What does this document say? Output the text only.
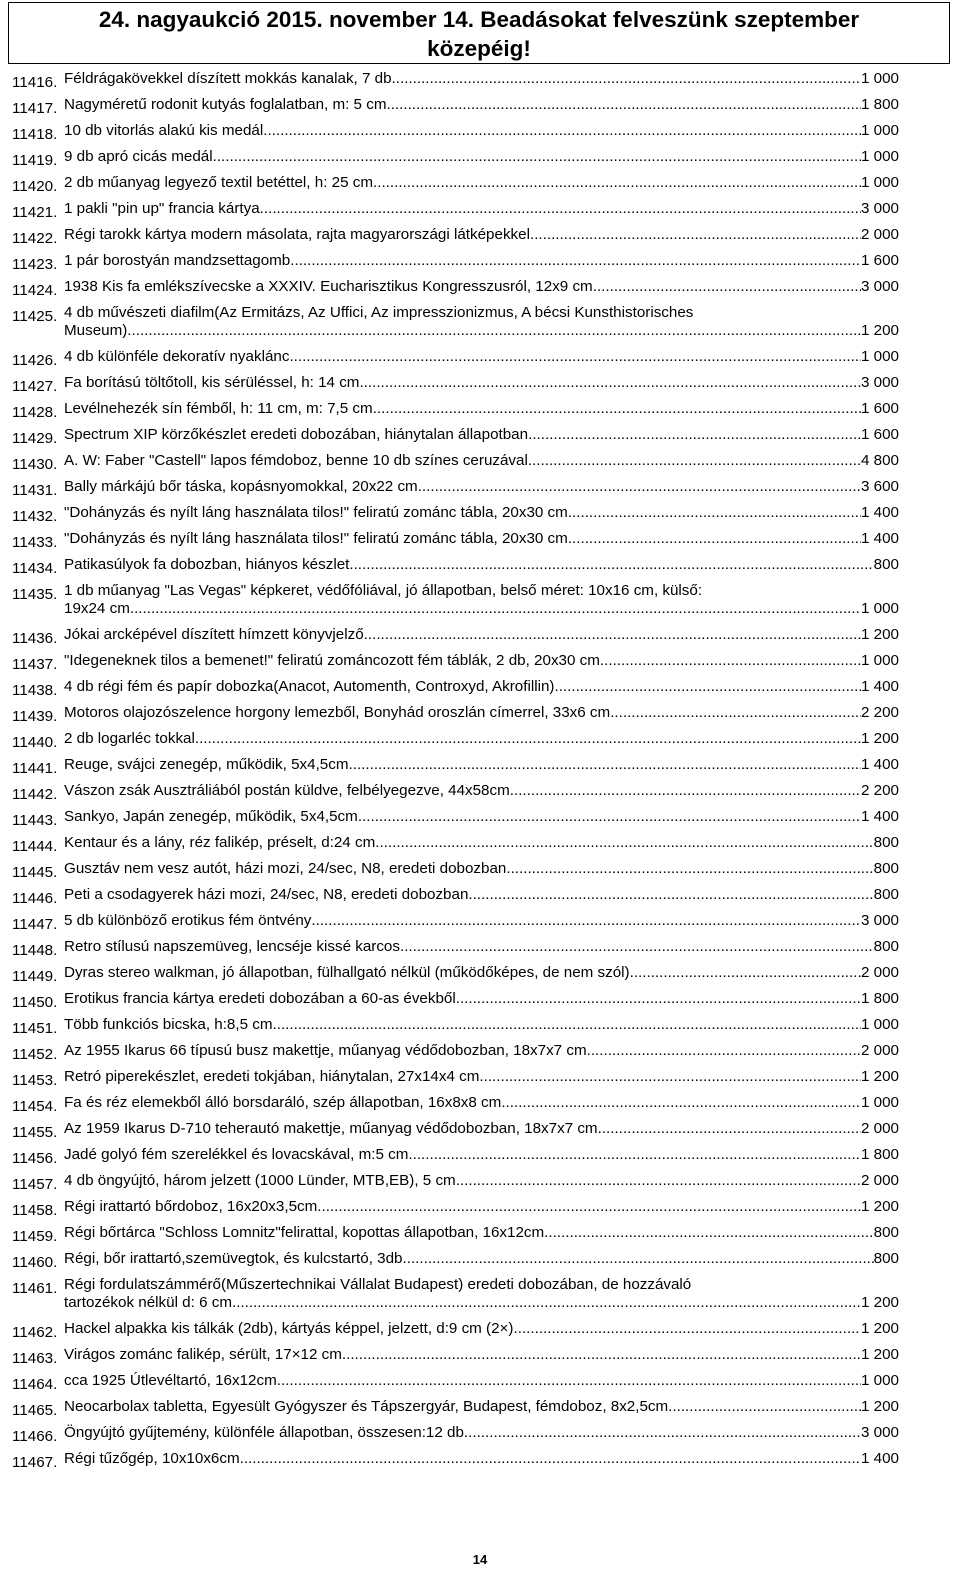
24. nagyaukció 2015. november 14. Beadásokat felveszünk szeptember
közepéig!
11416. Féldrágakövekkel díszített mokkás kanalak, 7 db. .....	1 000
11417. Nagyméretű rodonit kutyás foglalatban, m: 5 cm .....	1 800
11418. 10 db vitorlás alakú kis medál .....	1 000
11419. 9 db apró cicás medál .....	1 000
11420. 2 db műanyag legyező textil betéttel, h: 25 cm .....	1 000
11421. 1 pakli "pin up" francia kártya .....	3 000
11422. Régi tarokk kártya modern másolata, rajta magyarországi látképekkel .....	2 000
11423. 1 pár borostyán mandzsettagomb .....	1 600
11424. 1938 Kis fa emlékszívecske a XXXIV. Eucharisztikus Kongresszusról, 12x9 cm .....	3 000
11425. 4 db művészeti diafilm(Az Ermitázs, Az Uffici, Az impresszionizmus, A bécsi Kunsthistorisches
Museum) .....	1 200
11426. 4 db különféle dekoratív nyaklánc .....	1 000
11427. Fa borítású töltőtoll, kis sérüléssel, h: 14 cm .....	3 000
11428. Levélnehezék sín fémből, h: 11 cm, m: 7,5 cm .....	1 600
11429. Spectrum XIP körzőkészlet eredeti dobozában, hiánytalan állapotban .....	1 600
11430. A. W: Faber "Castell" lapos fémdoboz, benne 10 db színes ceruzával .....	4 800
11431. Bally márkájú bőr táska, kopásnyomokkal, 20x22 cm .....	3 600
11432. "Dohányzás és nyílt láng használata tilos!" feliratú zománc tábla, 20x30 cm .....	1 400
11433. "Dohányzás és nyílt láng használata tilos!" feliratú zománc tábla, 20x30 cm .....	1 400
11434. Patikasúlyok fa dobozban, hiányos készlet .....	800
11435. 1 db műanyag "Las Vegas" képkeret, védőfóliával, jó állapotban, belső méret: 10x16 cm, külső:
19x24 cm .....	1 000
11436. Jókai arcképével díszített hímzett könyvjelző .....	1 200
11437. "Idegeneknek tilos a bemenet!" feliratú zománcozott fém táblák, 2 db, 20x30 cm .....	1 000
11438. 4 db régi fém és papír dobozka(Anacot, Automenth, Controxyd, Akrofillin) .....	1 400
11439. Motoros olajozószelence horgony lemezből, Bonyhád oroszlán címerrel, 33x6 cm .....	2 200
11440. 2 db logarléc tokkal .....	1 200
11441. Reuge, svájci zenegép, működik, 5x4,5cm .....	1 400
11442. Vászon zsák Ausztráliából postán küldve, felbélyegezve, 44x58cm .....	2 200
11443. Sankyo, Japán zenegép, működik, 5x4,5cm .....	1 400
11444. Kentaur és a lány, réz falikép, préselt, d:24 cm .....	800
11445. Gusztáv nem vesz autót, házi mozi, 24/sec, N8, eredeti dobozban .....	800
11446. Peti a csodagyerek házi mozi, 24/sec, N8, eredeti dobozban .....	800
11447. 5 db különböző erotikus fém öntvény .....	3 000
11448. Retro stílusú napszemüveg, lencséje kissé karcos .....	800
11449. Dyras stereo walkman, jó állapotban, fülhallgató nélkül (működőképes, de nem szól) .....	2 000
11450. Erotikus francia kártya eredeti dobozában a 60-as évekből .....	1 800
11451. Több funkciós bicska, h:8,5 cm .....	1 000
11452. Az 1955 Ikarus 66 típusú busz makettje, műanyag védődobozban, 18x7x7 cm .....	2 000
11453. Retró piperekészlet, eredeti tokjában, hiánytalan, 27x14x4 cm .....	1 200
11454. Fa és réz elemekből álló borsdaráló, szép állapotban, 16x8x8 cm .....	1 000
11455. Az 1959 Ikarus D-710 teherautó makettje, műanyag védődobozban, 18x7x7 cm .....	2 000
11456. Jadé golyó fém szerelékkel és lovacskával, m:5 cm .....	1 800
11457. 4 db öngyújtó, három jelzett (1000 Lünder, MTB,EB), 5 cm .....	2 000
11458. Régi irattartó bőrdoboz, 16x20x3,5cm .....	1 200
11459. Régi bőrtárca "Schloss Lomnitz"felirattal, kopottas állapotban, 16x12cm .....	800
11460. Régi, bőr irattartó,szemüvegtok, és kulcstartó, 3db .....	800
11461. Régi fordulatszámmérő(Műszertechnikai Vállalat Budapest) eredeti dobozában, de hozzávaló
tartozékok nélkül d: 6 cm .....	1 200
11462. Hackel alpakka kis tálkák (2db), kártyás képpel, jelzett, d:9 cm (2×) .....	1 200
11463. Virágos zománc falikép, sérült, 17×12 cm .....	1 200
11464. cca 1925 Útlevéltartó, 16x12cm .....	1 000
11465. Neocarbolax tabletta, Egyesült Gyógyszer és Tápszergyár, Budapest, fémdoboz, 8x2,5cm .....	1 200
11466. Öngyújtó gyűjtemény, különféle állapotban, összesen:12 db .....	3 000
11467. Régi tűzőgép, 10x10x6cm .....	1 400
14
